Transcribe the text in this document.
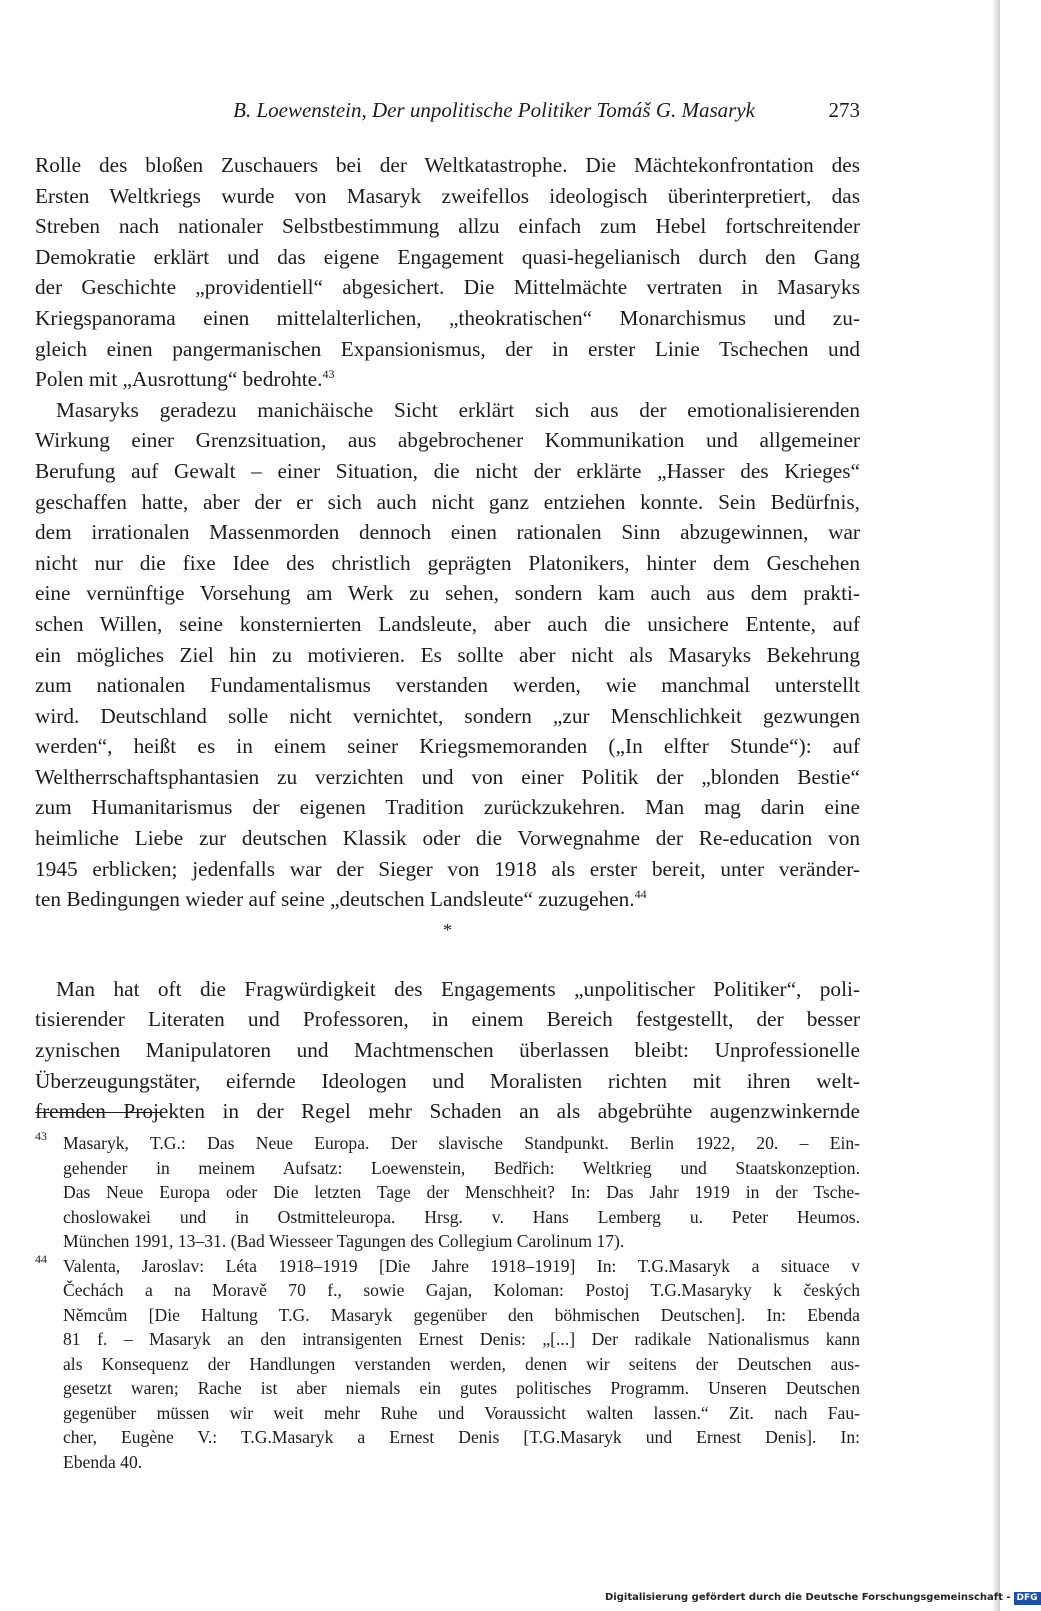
B. Loewenstein, Der unpolitische Politiker Tomáš G. Masaryk	273
Rolle des bloßen Zuschauers bei der Weltkatastrophe. Die Mächtekonfrontation des
Ersten Weltkriegs wurde von Masaryk zweifellos ideologisch überinterpretiert, das
Streben nach nationaler Selbstbestimmung allzu einfach zum Hebel fortschreitender
Demokratie erklärt und das eigene Engagement quasi-hegelianisch durch den Gang
der Geschichte „providentiell“ abgesichert. Die Mittelmächte vertraten in Masaryks
Kriegspanorama einen mittelalterlichen, „theokratischen“ Monarchismus und zu-
gleich einen pangermanischen Expansionismus, der in erster Linie Tschechen und
Polen mit „Ausrottung“ bedrohte.$^{43}$
Masaryks geradezu manichäische Sicht erklärt sich aus der emotionalisierenden
Wirkung einer Grenzsituation, aus abgebrochener Kommunikation und allgemeiner
Berufung auf Gewalt – einer Situation, die nicht der erklärte „Hasser des Krieges“
geschaffen hatte, aber der er sich auch nicht ganz entziehen konnte. Sein Bedürfnis,
dem irrationalen Massenmorden dennoch einen rationalen Sinn abzugewinnen, war
nicht nur die fixe Idee des christlich geprägten Platonikers, hinter dem Geschehen
eine vernünftige Vorsehung am Werk zu sehen, sondern kam auch aus dem prakti-
schen Willen, seine konsternierten Landsleute, aber auch die unsichere Entente, auf
ein mögliches Ziel hin zu motivieren. Es sollte aber nicht als Masaryks Bekehrung
zum nationalen Fundamentalismus verstanden werden, wie manchmal unterstellt
wird. Deutschland solle nicht vernichtet, sondern „zur Menschlichkeit gezwungen
werden“, heißt es in einem seiner Kriegsmemoranden („In elfter Stunde“): auf
Weltherrschaftsphantasien zu verzichten und von einer Politik der „blonden Bestie“
zum Humanitarismus der eigenen Tradition zurückzukehren. Man mag darin eine
heimliche Liebe zur deutschen Klassik oder die Vorwegnahme der Re-education von
1945 erblicken; jedenfalls war der Sieger von 1918 als erster bereit, unter veränder-
ten Bedingungen wieder auf seine „deutschen Landsleute“ zuzugehen.$^{44}$
*
Man hat oft die Fragwürdigkeit des Engagements „unpolitischer Politiker“, poli-
tisierender Literaten und Professoren, in einem Bereich festgestellt, der besser
zynischen Manipulatoren und Machtmenschen überlassen bleibt: Unprofessionelle
Überzeugungstäter, eifernde Ideologen und Moralisten richten mit ihren welt-
fremden Projekten in der Regel mehr Schaden an als abgebrühte augenzwinkernde
43 Masaryk, T.G.: Das Neue Europa. Der slavische Standpunkt. Berlin 1922, 20. – Ein-
gehender in meinem Aufsatz: Loewenstein, Bedřich: Weltkrieg und Staatskonzeption.
Das Neue Europa oder Die letzten Tage der Menschheit? In: Das Jahr 1919 in der Tsche-
choslowakei und in Ostmitteleuropa. Hrsg. v. Hans Lemberg u. Peter Heumos.
München 1991, 13–31. (Bad Wiesseer Tagungen des Collegium Carolinum 17).
44 Valenta, Jaroslav: Léta 1918–1919 [Die Jahre 1918–1919] In: T.G.Masaryk a situace v
Čechách a na Moravě 70 f., sowie Gajan, Koloman: Postoj T.G.Masaryky k českých
Němcům [Die Haltung T.G. Masaryk gegenüber den böhmischen Deutschen]. In: Ebenda
81 f. – Masaryk an den intransigenten Ernest Denis: „[...] Der radikale Nationalismus kann
als Konsequenz der Handlungen verstanden werden, denen wir seitens der Deutschen aus-
gesetzt waren; Rache ist aber niemals ein gutes politisches Programm. Unseren Deutschen
gegenüber müssen wir weit mehr Ruhe und Voraussicht walten lassen.“ Zit. nach Fau-
cher, Eugène V.: T.G.Masaryk a Ernest Denis [T.G.Masaryk und Ernest Denis]. In:
Ebenda 40.
Digitalisierung gefördert durch die Deutsche Forschungsgemeinschaft - DFG
